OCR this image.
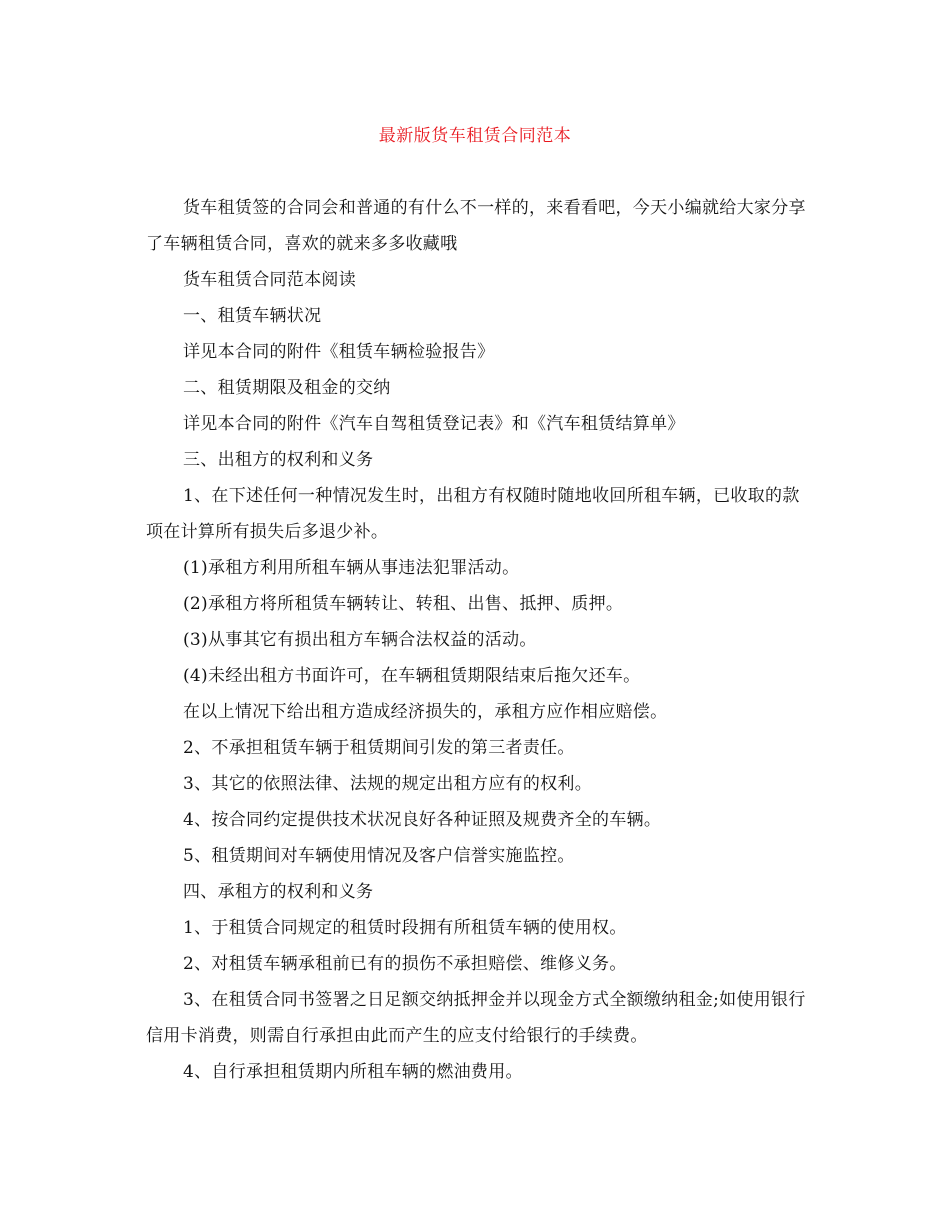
最新版货车租赁合同范本

货车租赁签的合同会和普通的有什么不一样的，来看看吧，今天小编就给大家分享了车辆租赁合同，喜欢的就来多多收藏哦

货车租赁合同范本阅读

一、租赁车辆状况

详见本合同的附件《租赁车辆检验报告》

二、租赁期限及租金的交纳

详见本合同的附件《汽车自驾租赁登记表》和《汽车租赁结算单》

三、出租方的权利和义务

1、在下述任何一种情况发生时，出租方有权随时随地收回所租车辆，已收取的款项在计算所有损失后多退少补。

(1)承租方利用所租车辆从事违法犯罪活动。

(2)承租方将所租赁车辆转让、转租、出售、抵押、质押。

(3)从事其它有损出租方车辆合法权益的活动。

(4)未经出租方书面许可，在车辆租赁期限结束后拖欠还车。

在以上情况下给出租方造成经济损失的，承租方应作相应赔偿。

2、不承担租赁车辆于租赁期间引发的第三者责任。

3、其它的依照法律、法规的规定出租方应有的权利。

4、按合同约定提供技术状况良好各种证照及规费齐全的车辆。

5、租赁期间对车辆使用情况及客户信誉实施监控。

四、承租方的权利和义务

1、于租赁合同规定的租赁时段拥有所租赁车辆的使用权。

2、对租赁车辆承租前已有的损伤不承担赔偿、维修义务。

3、在租赁合同书签署之日足额交纳抵押金并以现金方式全额缴纳租金;如使用银行信用卡消费，则需自行承担由此而产生的应支付给银行的手续费。

4、自行承担租赁期内所租车辆的燃油费用。
